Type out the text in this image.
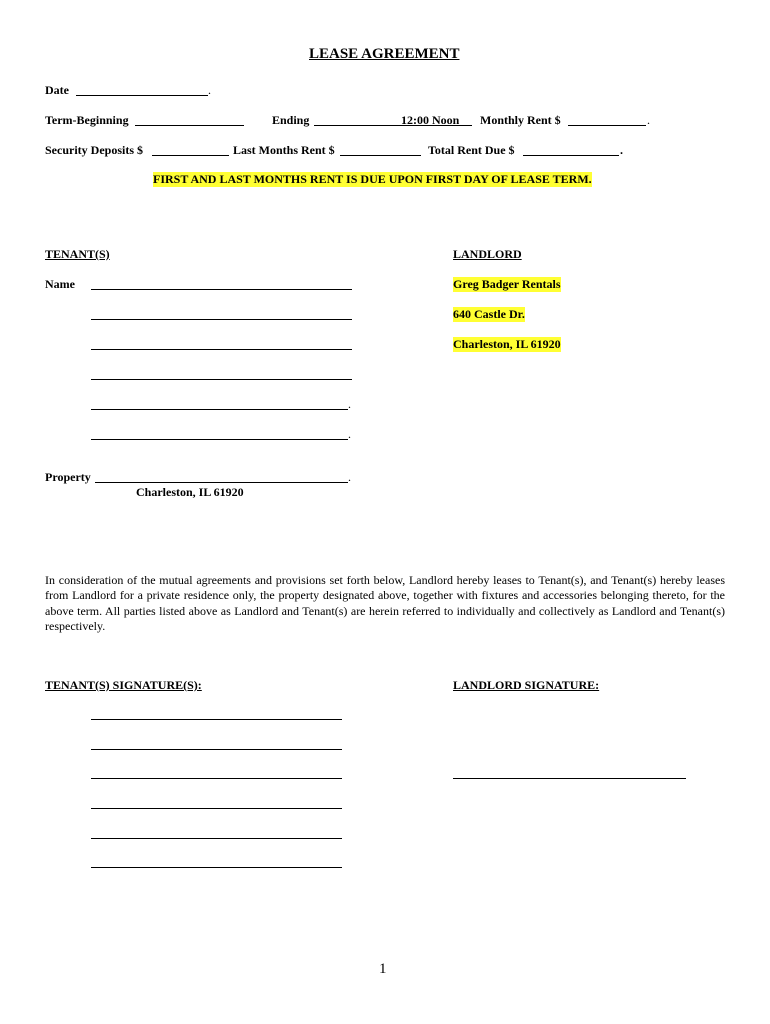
LEASE AGREEMENT
Date	.
Term-Beginning	Ending	12:00 Noon Monthly Rent $	.
Security Deposits $	Last Months Rent $	Total Rent Due $	.
FIRST AND LAST MONTHS RENT IS DUE UPON FIRST DAY OF LEASE TERM.
TENANT(S)	LANDLORD
Name
.
.
Greg Badger Rentals
640 Castle Dr.
Charleston, IL 61920
Property	.
Charleston, IL 61920
In consideration of the mutual agreements and provisions set forth below, Landlord hereby leases to Tenant(s), and Tenant(s) hereby leases from Landlord for a private residence only, the property designated above, together with fixtures and accessories belonging thereto, for the above term. All parties listed above as Landlord and Tenant(s) are herein referred to individually and collectively as Landlord and Tenant(s) respectively.
TENANT(S) SIGNATURE(S):	LANDLORD SIGNATURE:
1
